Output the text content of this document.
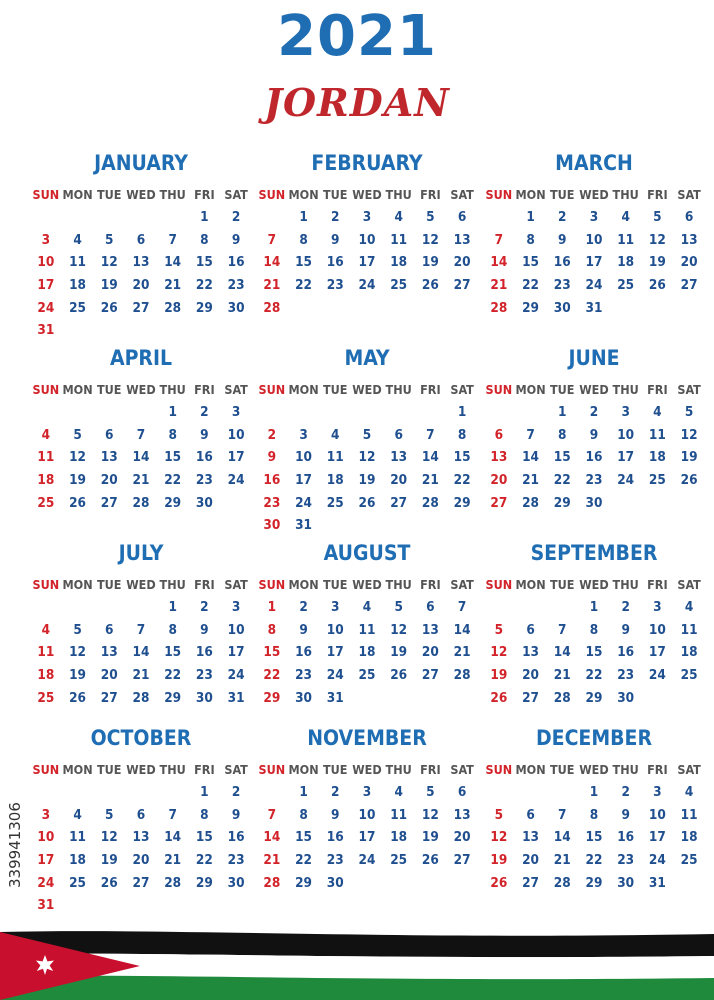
2021
JORDAN
JANUARY
SUN	MON	TUE	WED	THU	FRI	SAT
					1	2
3	4	5	6	7	8	9
10	11	12	13	14	15	16
17	18	19	20	21	22	23
24	25	26	27	28	29	30
31						
FEBRUARY
SUN	MON	TUE	WED	THU	FRI	SAT
	1	2	3	4	5	6
7	8	9	10	11	12	13
14	15	16	17	18	19	20
21	22	23	24	25	26	27
28						
MARCH
SUN	MON	TUE	WED	THU	FRI	SAT
	1	2	3	4	5	6
7	8	9	10	11	12	13
14	15	16	17	18	19	20
21	22	23	24	25	26	27
28	29	30	31			
APRIL
SUN	MON	TUE	WED	THU	FRI	SAT
				1	2	3
4	5	6	7	8	9	10
11	12	13	14	15	16	17
18	19	20	21	22	23	24
25	26	27	28	29	30	
MAY
SUN	MON	TUE	WED	THU	FRI	SAT
						1
2	3	4	5	6	7	8
9	10	11	12	13	14	15
16	17	18	19	20	21	22
23	24	25	26	27	28	29
30	31					
JUNE
SUN	MON	TUE	WED	THU	FRI	SAT
		1	2	3	4	5
6	7	8	9	10	11	12
13	14	15	16	17	18	19
20	21	22	23	24	25	26
27	28	29	30			
JULY
SUN	MON	TUE	WED	THU	FRI	SAT
				1	2	3
4	5	6	7	8	9	10
11	12	13	14	15	16	17
18	19	20	21	22	23	24
25	26	27	28	29	30	31
AUGUST
SUN	MON	TUE	WED	THU	FRI	SAT
1	2	3	4	5	6	7
8	9	10	11	12	13	14
15	16	17	18	19	20	21
22	23	24	25	26	27	28
29	30	31				
SEPTEMBER
SUN	MON	TUE	WED	THU	FRI	SAT
			1	2	3	4
5	6	7	8	9	10	11
12	13	14	15	16	17	18
19	20	21	22	23	24	25
26	27	28	29	30		
OCTOBER
SUN	MON	TUE	WED	THU	FRI	SAT
					1	2
3	4	5	6	7	8	9
10	11	12	13	14	15	16
17	18	19	20	21	22	23
24	25	26	27	28	29	30
31						
NOVEMBER
SUN	MON	TUE	WED	THU	FRI	SAT
	1	2	3	4	5	6
7	8	9	10	11	12	13
14	15	16	17	18	19	20
21	22	23	24	25	26	27
28	29	30				
DECEMBER
SUN	MON	TUE	WED	THU	FRI	SAT
			1	2	3	4
5	6	7	8	9	10	11
12	13	14	15	16	17	18
19	20	21	22	23	24	25
26	27	28	29	30	31	
339941306
